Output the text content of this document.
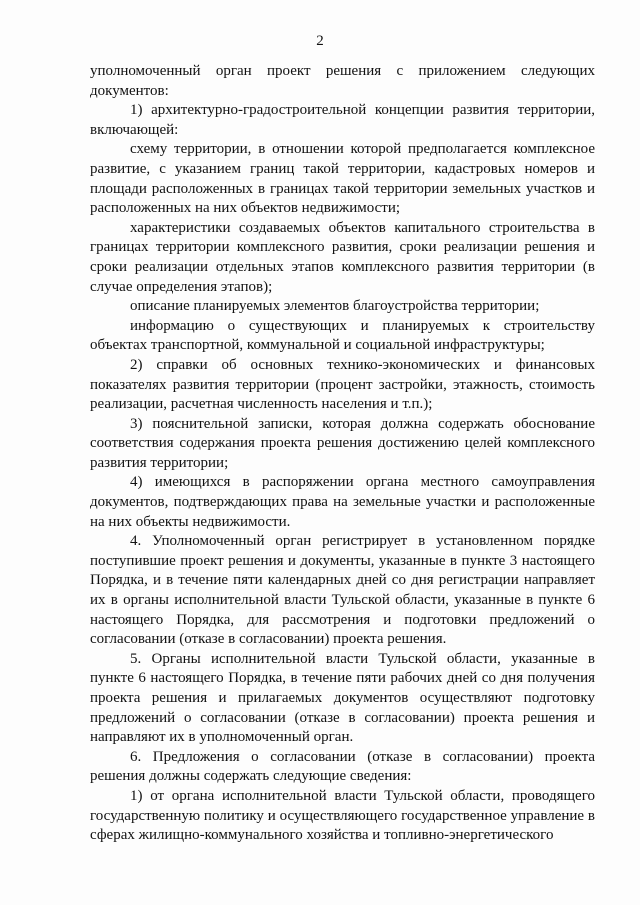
2

уполномоченный орган проект решения с приложением следующих документов:

1) архитектурно-градостроительной концепции развития территории, включающей:

схему территории, в отношении которой предполагается комплексное развитие, с указанием границ такой территории, кадастровых номеров и площади расположенных в границах такой территории земельных участков и расположенных на них объектов недвижимости;

характеристики создаваемых объектов капитального строительства в границах территории комплексного развития, сроки реализации решения и сроки реализации отдельных этапов комплексного развития территории (в случае определения этапов);

описание планируемых элементов благоустройства территории;

информацию о существующих и планируемых к строительству объектах транспортной, коммунальной и социальной инфраструктуры;

2) справки об основных технико-экономических и финансовых показателях развития территории (процент застройки, этажность, стоимость реализации, расчетная численность населения и т.п.);

3) пояснительной записки, которая должна содержать обоснование соответствия содержания проекта решения достижению целей комплексного развития территории;

4) имеющихся в распоряжении органа местного самоуправления документов, подтверждающих права на земельные участки и расположенные на них объекты недвижимости.

4. Уполномоченный орган регистрирует в установленном порядке поступившие проект решения и документы, указанные в пункте 3 настоящего Порядка, и в течение пяти календарных дней со дня регистрации направляет их в органы исполнительной власти Тульской области, указанные в пункте 6 настоящего Порядка, для рассмотрения и подготовки предложений о согласовании (отказе в согласовании) проекта решения.

5. Органы исполнительной власти Тульской области, указанные в пункте 6 настоящего Порядка, в течение пяти рабочих дней со дня получения проекта решения и прилагаемых документов осуществляют подготовку предложений о согласовании (отказе в согласовании) проекта решения и направляют их в уполномоченный орган.

6. Предложения о согласовании (отказе в согласовании) проекта решения должны содержать следующие сведения:

1) от органа исполнительной власти Тульской области, проводящего государственную политику и осуществляющего государственное управление в сферах жилищно-коммунального хозяйства и топливно-энергетического
